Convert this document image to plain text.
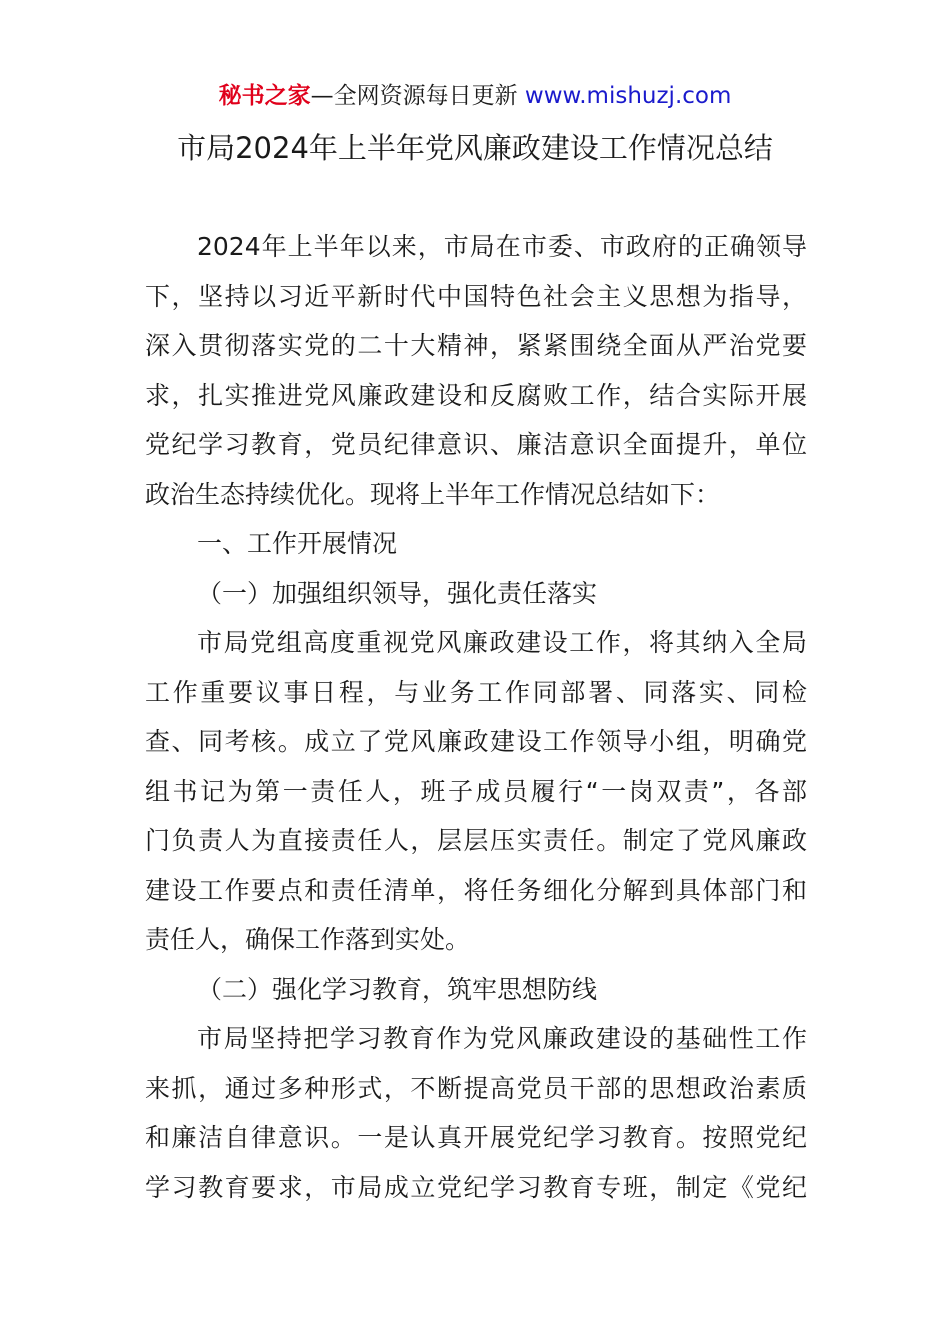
秘书之家—全网资源每日更新 www.mishuzj.com
市局2024年上半年党风廉政建设工作情况总结
2024年上半年以来，市局在市委、市政府的正确领导
下，坚持以习近平新时代中国特色社会主义思想为指导，
深入贯彻落实党的二十大精神，紧紧围绕全面从严治党要
求，扎实推进党风廉政建设和反腐败工作，结合实际开展
党纪学习教育，党员纪律意识、廉洁意识全面提升，单位
政治生态持续优化。现将上半年工作情况总结如下：
一、工作开展情况
（一）加强组织领导，强化责任落实
市局党组高度重视党风廉政建设工作，将其纳入全局
工作重要议事日程，与业务工作同部署、同落实、同检
查、同考核。成立了党风廉政建设工作领导小组，明确党
组书记为第一责任人，班子成员履行“一岗双责”，各部
门负责人为直接责任人，层层压实责任。制定了党风廉政
建设工作要点和责任清单，将任务细化分解到具体部门和
责任人，确保工作落到实处。
（二）强化学习教育，筑牢思想防线
市局坚持把学习教育作为党风廉政建设的基础性工作
来抓，通过多种形式，不断提高党员干部的思想政治素质
和廉洁自律意识。一是认真开展党纪学习教育。按照党纪
学习教育要求，市局成立党纪学习教育专班，制定《党纪
